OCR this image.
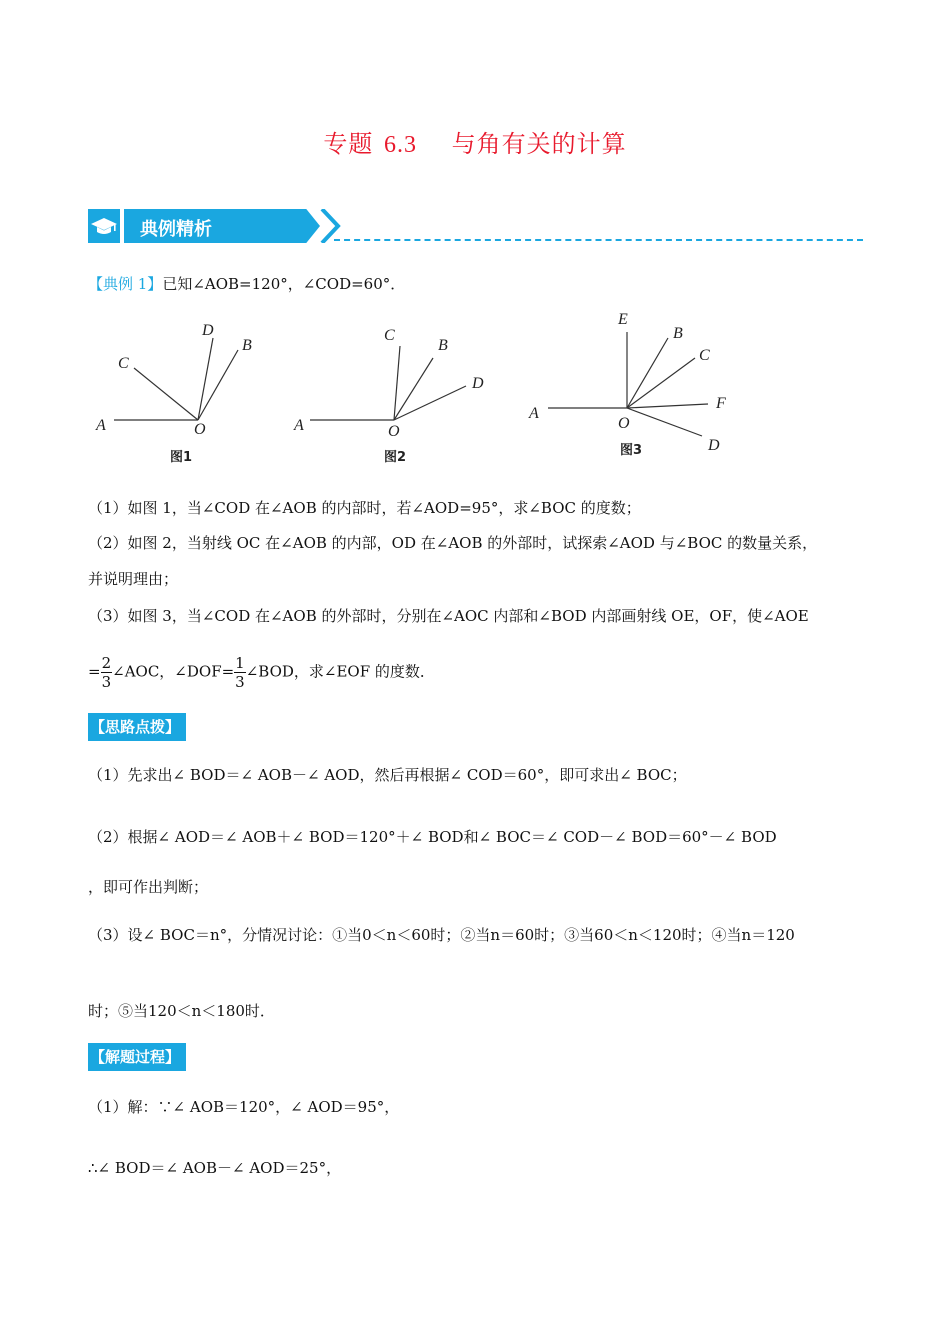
专题 6.3 与角有关的计算
典例精析
【典例 1】已知∠AOB=120°，∠COD=60°．
A
C
D
B
O
图1
A
C
B
D
O
图2
A
E
B
C
F
D
O
图3
（1）如图 1，当∠COD 在∠AOB 的内部时，若∠AOD=95°，求∠BOC 的度数；
（2）如图 2，当射线 OC 在∠AOB 的内部，OD 在∠AOB 的外部时，试探索∠AOD 与∠BOC 的数量关系，
并说明理由；
（3）如图 3，当∠COD 在∠AOB 的外部时，分别在∠AOC 内部和∠BOD 内部画射线 OE，OF，使∠AOE
= $\frac{2}{3}$ ∠AOC，∠DOF= $\frac{1}{3}$ ∠BOD，求∠EOF 的度数．
【思路点拨】
（1）先求出∠ BOD＝∠ AOB－∠ AOD，然后再根据∠ COD＝60°，即可求出∠ BOC；
（2）根据∠ AOD＝∠ AOB＋∠ BOD＝120°＋∠ BOD和∠ BOC＝∠ COD－∠ BOD＝60°－∠ BOD
，即可作出判断；
（3）设∠ BOC＝n°，分情况讨论：①当0＜n＜60时；②当n＝60时；③当60＜n＜120时；④当n＝120
时；⑤当120＜n＜180时．
【解题过程】
（1）解：∵∠ AOB＝120°，∠ AOD＝95°，
∴∠ BOD＝∠ AOB－∠ AOD＝25°，
